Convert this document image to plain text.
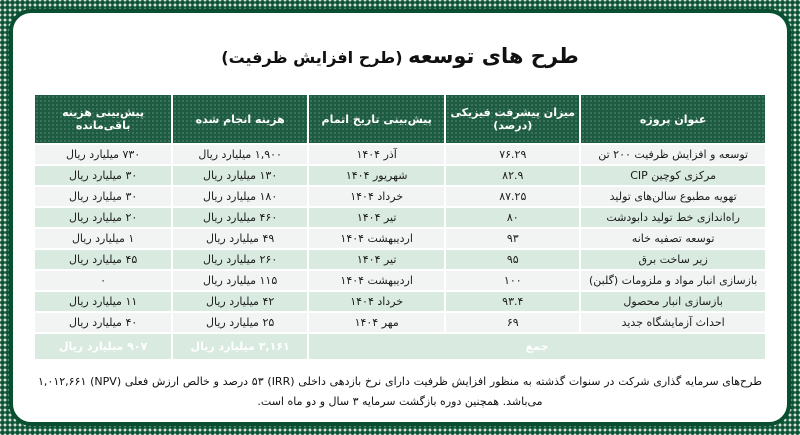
طرح های توسعه (طرح افزایش ظرفیت)
عنوان پروژه	میزان پیشرفت فیزیکی (درصد)	پیش‌بینی تاریخ اتمام	هزینه انجام شده	پیش‌بینی هزینه باقی‌مانده
توسعه و افزایش ظرفیت ۲۰۰ تن	۷۶.۲۹	آذر ۱۴۰۴	۱,۹۰۰ میلیارد ریال	۷۳۰ میلیارد ریال
CIP مرکزی کوچین	۸۲.۹	شهریور ۱۴۰۴	۱۳۰ میلیارد ریال	۳۰ میلیارد ریال
تهویه مطبوع سالن‌های تولید	۸۷.۲۵	خرداد ۱۴۰۴	۱۸۰ میلیارد ریال	۳۰ میلیارد ریال
راه‌اندازی خط تولید دابودشت	۸۰	تیر ۱۴۰۴	۴۶۰ میلیارد ریال	۲۰ میلیارد ریال
توسعه تصفیه خانه	۹۳	اردیبهشت ۱۴۰۴	۴۹ میلیارد ریال	۱ میلیارد ریال
زیر ساخت برق	۹۵	تیر ۱۴۰۴	۲۶۰ میلیارد ریال	۴۵ میلیارد ریال
بازسازی انبار مواد و ملزومات (گلبن)	۱۰۰	اردیبهشت ۱۴۰۴	۱۱۵ میلیارد ریال	۰
بازسازی انبار محصول	۹۳.۴	خرداد ۱۴۰۴	۴۲ میلیارد ریال	۱۱ میلیارد ریال
احداث آزمایشگاه جدید	۶۹	مهر ۱۴۰۴	۲۵ میلیارد ریال	۴۰ میلیارد ریال
جمع			۳,۱۶۱ میلیارد ریال	۹۰۷ میلیارد ریال

طرح‌های سرمایه گذاری شرکت در سنوات گذشته به منظور افزایش ظرفیت دارای نرخ بازدهی داخلی (IRR) ۵۳ درصد و خالص ارزش فعلی (NPV) ۱,۰۱۲,۶۶۱ می‌باشد. همچنین دوره بازگشت سرمایه ۳ سال و دو ماه است.
